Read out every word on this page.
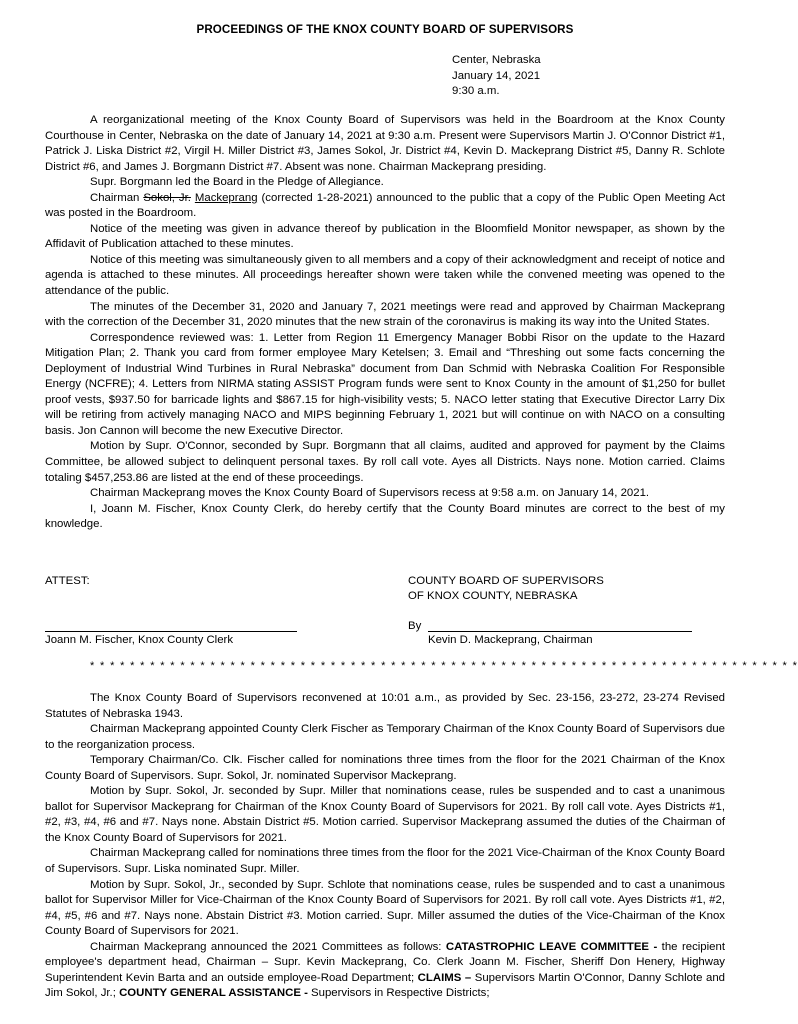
PROCEEDINGS OF THE KNOX COUNTY BOARD OF SUPERVISORS
Center, Nebraska
January 14, 2021
9:30 a.m.

A reorganizational meeting of the Knox County Board of Supervisors was held in the Boardroom at the Knox County Courthouse in Center, Nebraska on the date of January 14, 2021 at 9:30 a.m. Present were Supervisors Martin J. O'Connor District #1, Patrick J. Liska District #2, Virgil H. Miller District #3, James Sokol, Jr. District #4, Kevin D. Mackeprang District #5, Danny R. Schlote District #6, and James J. Borgmann District #7. Absent was none. Chairman Mackeprang presiding.

Supr. Borgmann led the Board in the Pledge of Allegiance.

Chairman Sokol, Jr. Mackeprang (corrected 1-28-2021) announced to the public that a copy of the Public Open Meeting Act was posted in the Boardroom.

Notice of the meeting was given in advance thereof by publication in the Bloomfield Monitor newspaper, as shown by the Affidavit of Publication attached to these minutes.

Notice of this meeting was simultaneously given to all members and a copy of their acknowledgment and receipt of notice and agenda is attached to these minutes. All proceedings hereafter shown were taken while the convened meeting was opened to the attendance of the public.

The minutes of the December 31, 2020 and January 7, 2021 meetings were read and approved by Chairman Mackeprang with the correction of the December 31, 2020 minutes that the new strain of the coronavirus is making its way into the United States.

Correspondence reviewed was: 1. Letter from Region 11 Emergency Manager Bobbi Risor on the update to the Hazard Mitigation Plan; 2. Thank you card from former employee Mary Ketelsen; 3. Email and “Threshing out some facts concerning the Deployment of Industrial Wind Turbines in Rural Nebraska” document from Dan Schmid with Nebraska Coalition For Responsible Energy (NCFRE); 4. Letters from NIRMA stating ASSIST Program funds were sent to Knox County in the amount of $1,250 for bullet proof vests, $937.50 for barricade lights and $867.15 for high-visibility vests; 5. NACO letter stating that Executive Director Larry Dix will be retiring from actively managing NACO and MIPS beginning February 1, 2021 but will continue on with NACO on a consulting basis. Jon Cannon will become the new Executive Director.

Motion by Supr. O'Connor, seconded by Supr. Borgmann that all claims, audited and approved for payment by the Claims Committee, be allowed subject to delinquent personal taxes. By roll call vote. Ayes all Districts. Nays none. Motion carried. Claims totaling $457,253.86 are listed at the end of these proceedings.

Chairman Mackeprang moves the Knox County Board of Supervisors recess at 9:58 a.m. on January 14, 2021.

I, Joann M. Fischer, Knox County Clerk, do hereby certify that the County Board minutes are correct to the best of my knowledge.

ATTEST:	COUNTY BOARD OF SUPERVISORS
OF KNOX COUNTY, NEBRASKA
By
Joann M. Fischer, Knox County Clerk	Kevin D. Mackeprang, Chairman
* * * * * * * * * * * * * * * * * * * * * * * * * * * * * * * * * * * * * * * * * * * * * * * * * * * * * * * * * * * * * * * * * * * * * * *

The Knox County Board of Supervisors reconvened at 10:01 a.m., as provided by Sec. 23-156, 23-272, 23-274 Revised Statutes of Nebraska 1943.

Chairman Mackeprang appointed County Clerk Fischer as Temporary Chairman of the Knox County Board of Supervisors due to the reorganization process.

Temporary Chairman/Co. Clk. Fischer called for nominations three times from the floor for the 2021 Chairman of the Knox County Board of Supervisors. Supr. Sokol, Jr. nominated Supervisor Mackeprang.

Motion by Supr. Sokol, Jr. seconded by Supr. Miller that nominations cease, rules be suspended and to cast a unanimous ballot for Supervisor Mackeprang for Chairman of the Knox County Board of Supervisors for 2021. By roll call vote. Ayes Districts #1, #2, #3, #4, #6 and #7. Nays none. Abstain District #5. Motion carried. Supervisor Mackeprang assumed the duties of the Chairman of the Knox County Board of Supervisors for 2021.

Chairman Mackeprang called for nominations three times from the floor for the 2021 Vice-Chairman of the Knox County Board of Supervisors. Supr. Liska nominated Supr. Miller.

Motion by Supr. Sokol, Jr., seconded by Supr. Schlote that nominations cease, rules be suspended and to cast a unanimous ballot for Supervisor Miller for Vice-Chairman of the Knox County Board of Supervisors for 2021. By roll call vote. Ayes Districts #1, #2, #4, #5, #6 and #7. Nays none. Abstain District #3. Motion carried. Supr. Miller assumed the duties of the Vice-Chairman of the Knox County Board of Supervisors for 2021.

Chairman Mackeprang announced the 2021 Committees as follows: CATASTROPHIC LEAVE COMMITTEE - the recipient employee's department head, Chairman – Supr. Kevin Mackeprang, Co. Clerk Joann M. Fischer, Sheriff Don Henery, Highway Superintendent Kevin Barta and an outside employee-Road Department; CLAIMS – Supervisors Martin O'Connor, Danny Schlote and Jim Sokol, Jr.; COUNTY GENERAL ASSISTANCE - Supervisors in Respective Districts;
